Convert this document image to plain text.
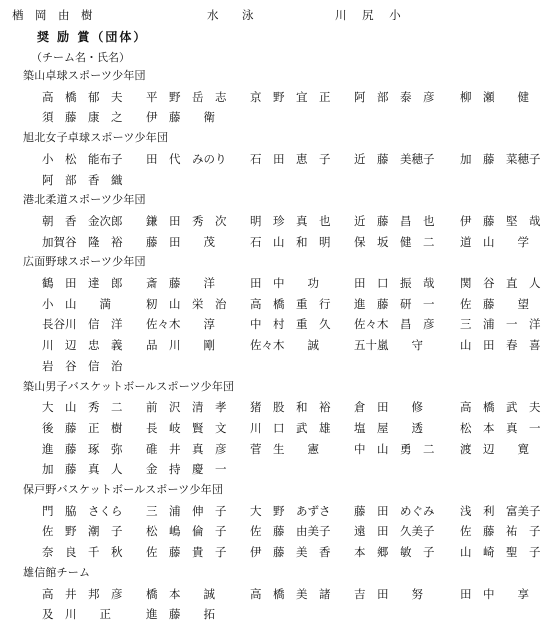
楢　岡　由　樹	水　泳	川 尻 小
奨 励 賞（団体）
（チーム名・氏名）
築山卓球スポーツ少年団
高　橋　郁　夫 平　野　岳　志 京　野　宜　正 阿　部　泰　彦 柳　瀬　　健
須　藤　康　之 伊　藤　　衛
旭北女子卓球スポーツ少年団
小　松　能布子 田　代　みのり 石　田　恵　子 近　藤　美穂子 加　藤　菜穂子
阿　部　香　織
港北柔道スポーツ少年団
朝　香　金次郎 鎌　田　秀　次 明　珍　真　也 近　藤　昌　也 伊　藤　堅　哉
加賀谷　隆　裕 藤　田　　茂	石　山　和　明 保　坂　健　二 道　山　　学
広面野球スポーツ少年団
鶴　田　達　郎 斎　藤　　洋	田　中　　功	田　口　振　哉 関　谷　直　人
小　山　　満	籾　山　栄　治 高　橋　重　行 進　藤　研　一 佐　藤　　望
長谷川　信　洋 佐々木　　淳	中　村　重　久 佐々木　昌　彦 三　浦　一　洋
川　辺　忠　義 品　川　　剛	佐々木　　誠	五十嵐　　守	山　田　春　喜
岩　谷　信　治
築山男子バスケットボールスポーツ少年団
大　山　秀　二 前　沢　清　孝 猪　股　和　裕 倉　田　　修	高　橋　武　夫
後　藤　正　樹 長　岐　賢　文 川　口　武　雄 塩　屋　　透	松　本　真　一
進　藤　琢　弥 碓　井　真　彦 菅　生　　憲	中　山　勇　二 渡　辺　　寛
加　藤　真　人 金　持　慶　一
保戸野バスケットボールスポーツ少年団
門　脇　さくら 三　浦　伸　子 大　野　あずさ 藤　田　めぐみ 浅　利　富美子
佐　野　潮　子 松　嶋　倫　子 佐　藤　由美子 遠　田　久美子 佐　藤　祐　子
奈　良　千　秋 佐　藤　貴　子 伊　藤　美　香 本　郷　敏　子 山　崎　聖　子
雄信館チーム
高　井　邦　彦 橋　本　　誠	高　橋　美　諸 吉　田　　努	田　中　　享
及　川　　正	進　藤　　拓
